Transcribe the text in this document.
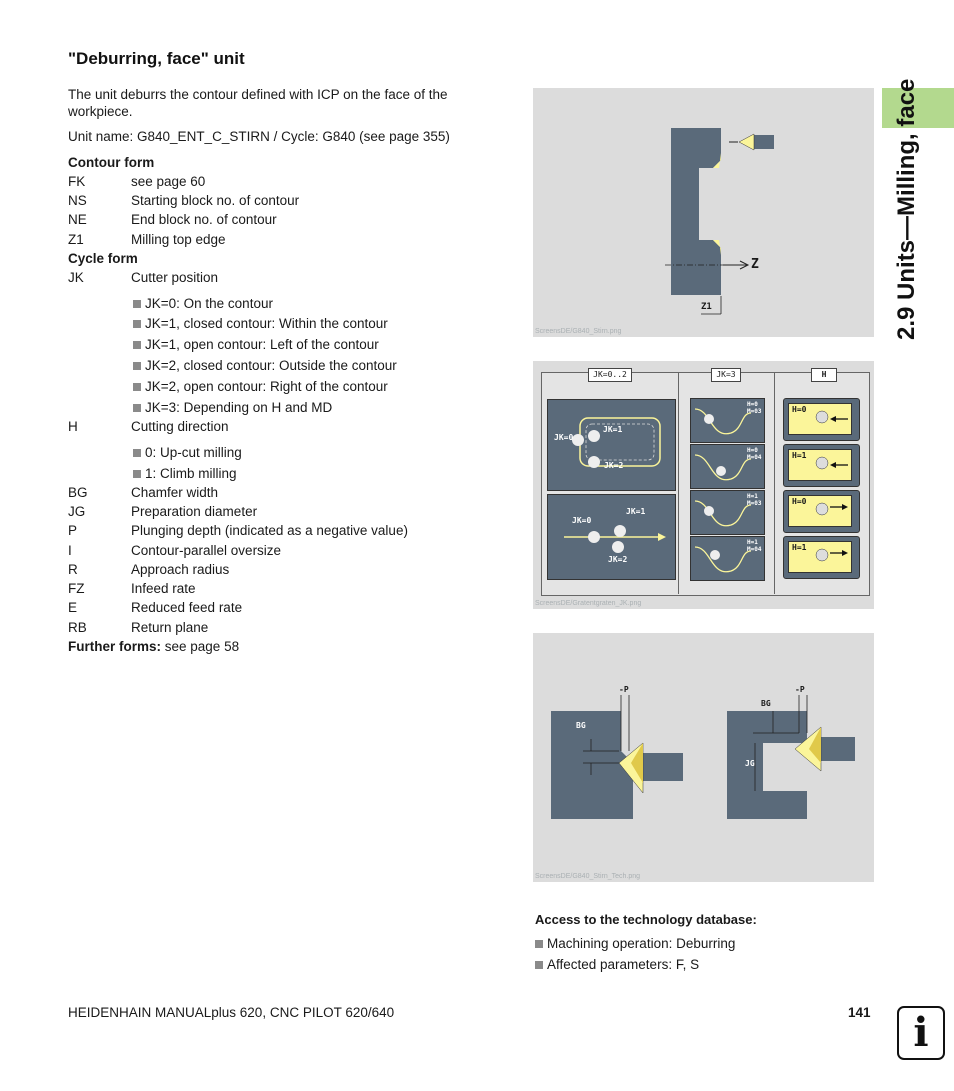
"Deburring, face" unit
The unit deburrs the contour defined with ICP on the face of the workpiece.
Unit name: G840_ENT_C_STIRN / Cycle: G840 (see page 355)
Contour form
FK	see page 60
NS	Starting block no. of contour
NE	End block no. of contour
Z1	Milling top edge
Cycle form
JK	Cutter position
JK=0: On the contour
JK=1, closed contour: Within the contour
JK=1, open contour: Left of the contour
JK=2, closed contour: Outside the contour
JK=2, open contour: Right of the contour
JK=3: Depending on H and MD
H	Cutting direction
0: Up-cut milling
1: Climb milling
BG	Chamfer width
JG	Preparation diameter
P	Plunging depth (indicated as a negative value)
I	Contour-parallel oversize
R	Approach radius
FZ	Infeed rate
E	Reduced feed rate
RB	Return plane
Further forms: see page 58
2.9 Units—Milling, face
Z
Z1
ScreensDE/G840_Stirn.png
JK=0..2	JK=3	H
JK=0
JK=1
JK=2
JK=0
JK=1
JK=2
H=0
M=03
H=0
M=04
H=1
M=03
H=1
M=04
H=0
H=1
H=0
H=1
ScreensDE/Gratentgraten_JK.png
-P
BG
-P
BG
JG
ScreensDE/G840_Stirn_Tech.png
Access to the technology database:
Machining operation: Deburring
Affected parameters: F, S
HEIDENHAIN MANUALplus 620, CNC PILOT 620/640	141	i
